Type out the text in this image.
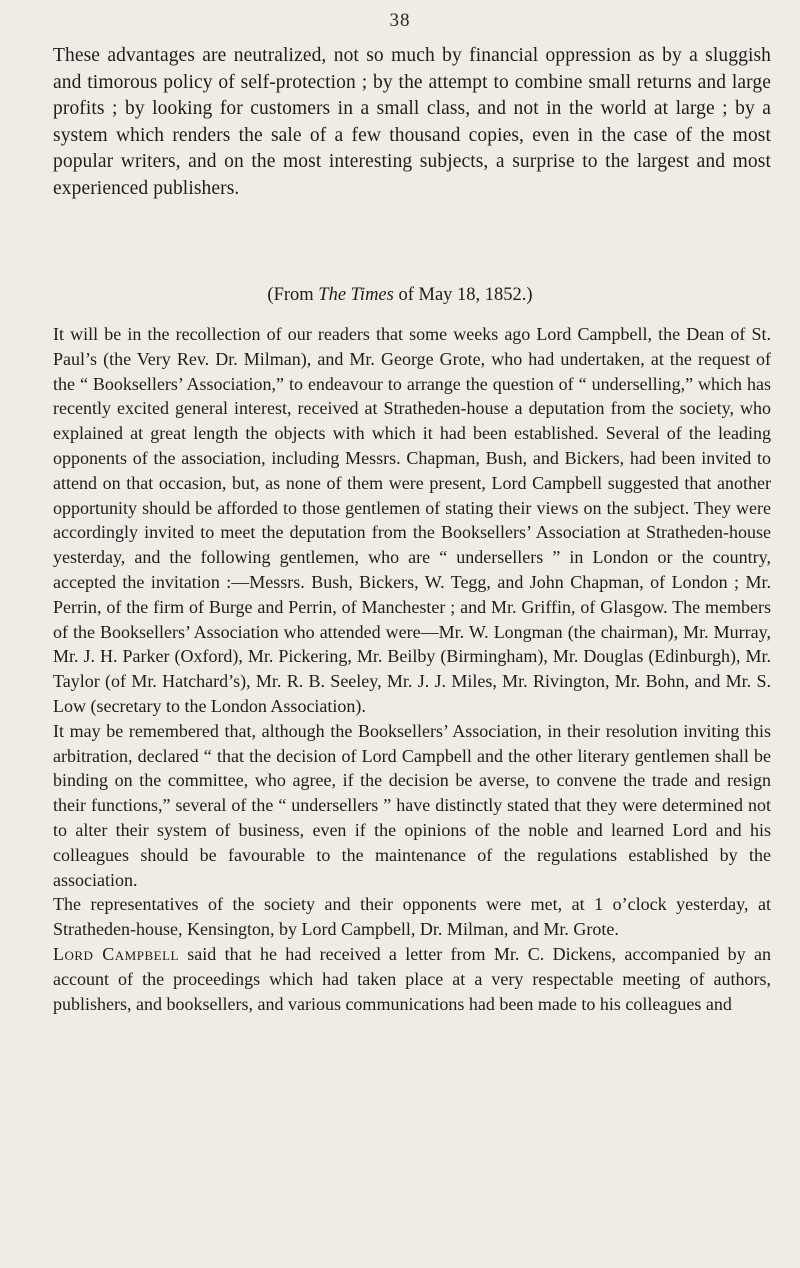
38

These advantages are neutralized, not so much by financial oppression as by a sluggish and timorous policy of self-protection ; by the attempt to combine small returns and large profits ; by looking for customers in a small class, and not in the world at large ; by a system which renders the sale of a few thousand copies, even in the case of the most popular writers, and on the most interesting subjects, a surprise to the largest and most experienced publishers.

(From The Times of May 18, 1852.)

It will be in the recollection of our readers that some weeks ago Lord Campbell, the Dean of St. Paul’s (the Very Rev. Dr. Milman), and Mr. George Grote, who had undertaken, at the request of the “ Booksellers’ Association,” to endeavour to arrange the question of “ underselling,” which has recently excited general interest, received at Stratheden-house a deputation from the society, who explained at great length the objects with which it had been established. Several of the leading opponents of the association, including Messrs. Chapman, Bush, and Bickers, had been invited to attend on that occasion, but, as none of them were present, Lord Campbell suggested that another opportunity should be afforded to those gentlemen of stating their views on the subject. They were accordingly invited to meet the deputation from the Booksellers’ Association at Stratheden-house yesterday, and the following gentlemen, who are “ undersellers ” in London or the country, accepted the invitation :—Messrs. Bush, Bickers, W. Tegg, and John Chapman, of London ; Mr. Perrin, of the firm of Burge and Perrin, of Manchester ; and Mr. Griffin, of Glasgow. The members of the Booksellers’ Association who attended were—Mr. W. Longman (the chairman), Mr. Murray, Mr. J. H. Parker (Oxford), Mr. Pickering, Mr. Beilby (Birmingham), Mr. Douglas (Edinburgh), Mr. Taylor (of Mr. Hatchard’s), Mr. R. B. Seeley, Mr. J. J. Miles, Mr. Rivington, Mr. Bohn, and Mr. S. Low (secretary to the London Association).

It may be remembered that, although the Booksellers’ Association, in their resolution inviting this arbitration, declared “ that the decision of Lord Campbell and the other literary gentlemen shall be binding on the committee, who agree, if the decision be averse, to convene the trade and resign their functions,” several of the “ undersellers ” have distinctly stated that they were determined not to alter their system of business, even if the opinions of the noble and learned Lord and his colleagues should be favourable to the maintenance of the regulations established by the association.

The representatives of the society and their opponents were met, at 1 o’clock yesterday, at Stratheden-house, Kensington, by Lord Campbell, Dr. Milman, and Mr. Grote.

Lord Campbell said that he had received a letter from Mr. C. Dickens, accompanied by an account of the proceedings which had taken place at a very respectable meeting of authors, publishers, and booksellers, and various communications had been made to his colleagues and
